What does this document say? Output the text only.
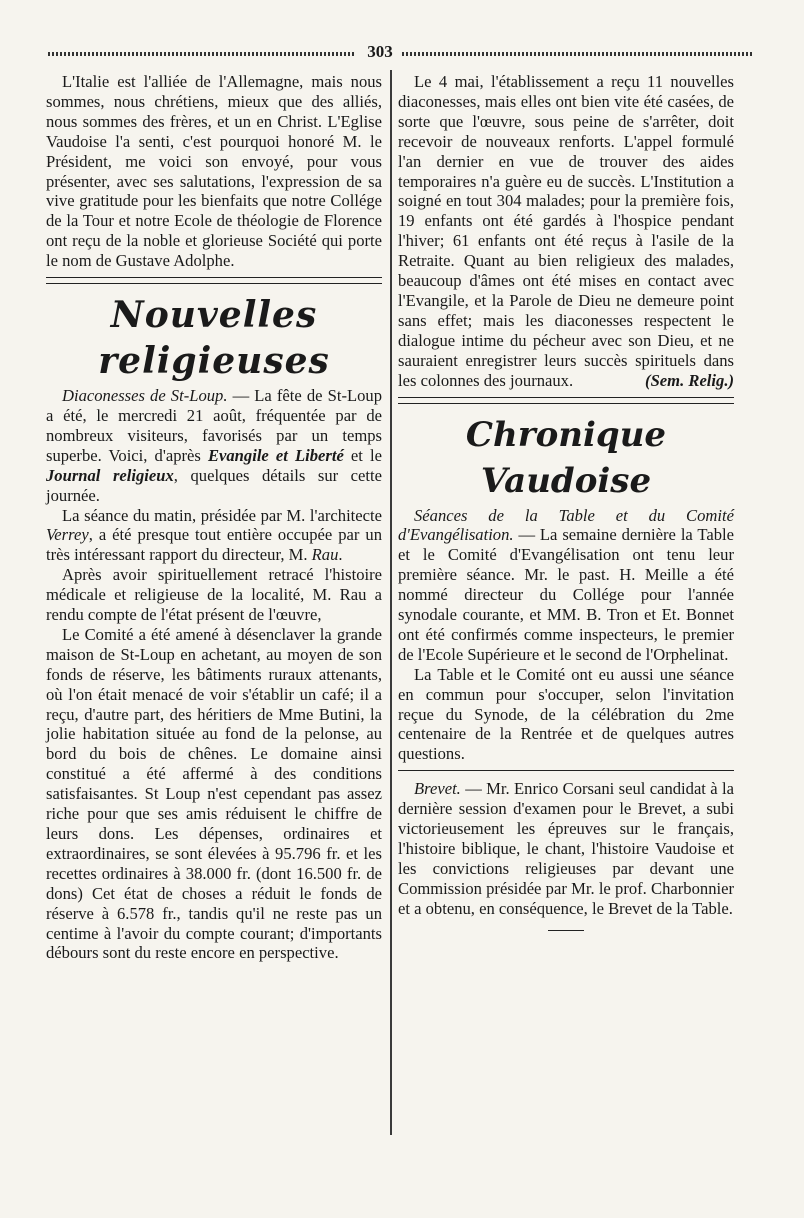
303

L'Italie est l'alliée de l'Allemagne, mais nous sommes, nous chrétiens, mieux que des alliés, nous sommes des frères, et un en Christ. L'Eglise Vaudoise l'a senti, c'est pourquoi honoré M. le Président, me voici son envoyé, pour vous présenter, avec ses salutations, l'expression de sa vive gratitude pour les bienfaits que notre Collége de la Tour et notre Ecole de théologie de Florence ont reçu de la noble et glorieuse Société qui porte le nom de Gustave Adolphe.

Nouvelles religieuses

Diaconesses de St-Loup. — La fête de St-Loup a été, le mercredi 21 août, fréquentée par de nombreux visiteurs, favorisés par un temps superbe. Voici, d'après Evangile et Liberté et le Journal religieux, quelques détails sur cette journée.

La séance du matin, présidée par M. l'architecte Verrey, a été presque tout entière occupée par un très intéressant rapport du directeur, M. Rau.

Après avoir spirituellement retracé l'histoire médicale et religieuse de la localité, M. Rau a rendu compte de l'état présent de l'œuvre,

Le Comité a été amené à désenclaver la grande maison de St-Loup en achetant, au moyen de son fonds de réserve, les bâtiments ruraux attenants, où l'on était menacé de voir s'établir un café; il a reçu, d'autre part, des héritiers de Mme Butini, la jolie habitation située au fond de la pelonse, au bord du bois de chênes. Le domaine ainsi constitué a été affermé à des conditions satisfaisantes. St Loup n'est cependant pas assez riche pour que ses amis réduisent le chiffre de leurs dons. Les dépenses, ordinaires et extraordinaires, se sont élevées à 95.796 fr. et les recettes ordinaires à 38.000 fr. (dont 16.500 fr. de dons) Cet état de choses a réduit le fonds de réserve à 6.578 fr., tandis qu'il ne reste pas un centime à l'avoir du compte courant; d'importants débours sont du reste encore en perspective.

Le 4 mai, l'établissement a reçu 11 nouvelles diaconesses, mais elles ont bien vite été casées, de sorte que l'œuvre, sous peine de s'arrêter, doit recevoir de nouveaux renforts. L'appel formulé l'an dernier en vue de trouver des aides temporaires n'a guère eu de succès. L'Institution a soigné en tout 304 malades; pour la première fois, 19 enfants ont été gardés à l'hospice pendant l'hiver; 61 enfants ont été reçus à l'asile de la Retraite. Quant au bien religieux des malades, beaucoup d'âmes ont été mises en contact avec l'Evangile, et la Parole de Dieu ne demeure point sans effet; mais les diaconesses respectent le dialogue intime du pécheur avec son Dieu, et ne sauraient enregistrer leurs succès spirituels dans les colonnes des journaux.	(Sem. Relig.)

Chronique Vaudoise

Séances de la Table et du Comité d'Evangélisation. — La semaine dernière la Table et le Comité d'Evangélisation ont tenu leur première séance. Mr. le past. H. Meille a été nommé directeur du Collége pour l'année synodale courante, et MM. B. Tron et Et. Bonnet ont été confirmés comme inspecteurs, le premier de l'Ecole Supérieure et le second de l'Orphelinat.

La Table et le Comité ont eu aussi une séance en commun pour s'occuper, selon l'invitation reçue du Synode, de la célébration du 2me centenaire de la Rentrée et de quelques autres questions.

Brevet. — Mr. Enrico Corsani seul candidat à la dernière session d'examen pour le Brevet, a subi victorieusement les épreuves sur le français, l'histoire biblique, le chant, l'histoire Vaudoise et les convictions religieuses par devant une Commission présidée par Mr. le prof. Charbonnier et a obtenu, en conséquence, le Brevet de la Table.
